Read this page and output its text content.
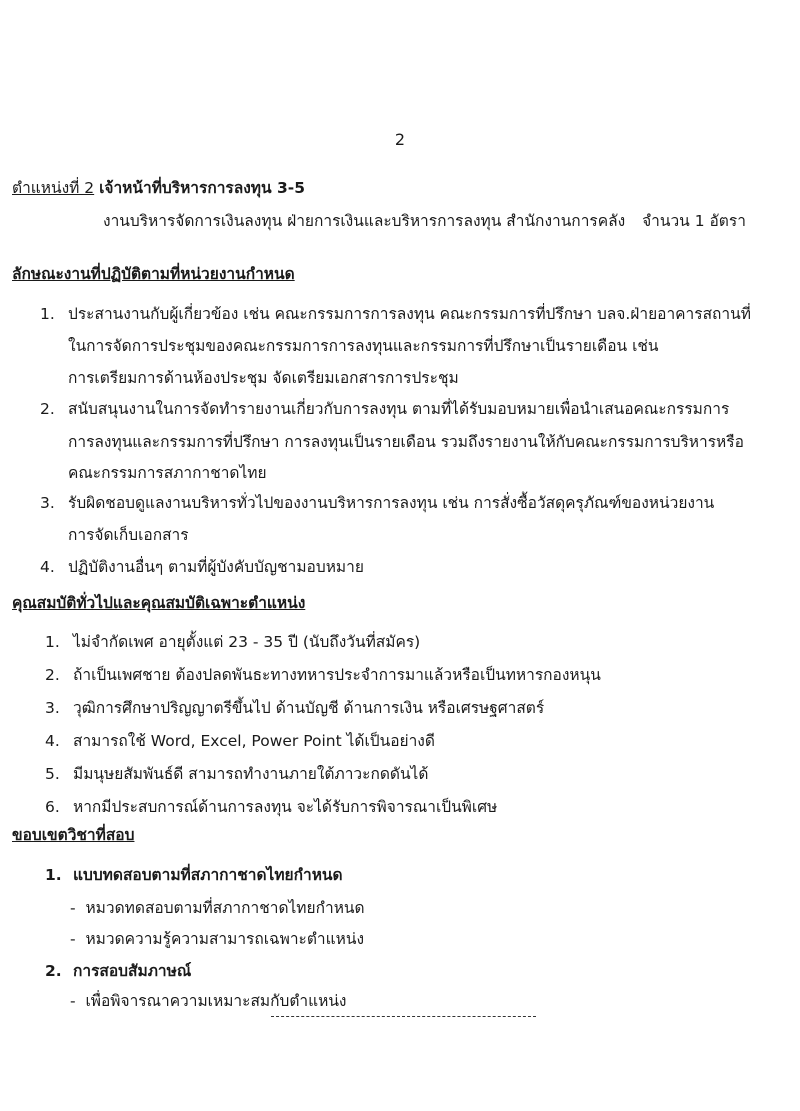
2
ตำแหน่งที่ 2 เจ้าหน้าที่บริหารการลงทุน 3-5
งานบริหารจัดการเงินลงทุน ฝ่ายการเงินและบริหารการลงทุน สำนักงานการคลัง จำนวน 1 อัตรา
ลักษณะงานที่ปฏิบัติตามที่หน่วยงานกำหนด
1. ประสานงานกับผู้เกี่ยวข้อง เช่น คณะกรรมการการลงทุน คณะกรรมการที่ปรึกษา บลจ.ฝ่ายอาคารสถานที่
ในการจัดการประชุมของคณะกรรมการการลงทุนและกรรมการที่ปรึกษาเป็นรายเดือน เช่น
การเตรียมการด้านห้องประชุม จัดเตรียมเอกสารการประชุม
2. สนับสนุนงานในการจัดทำรายงานเกี่ยวกับการลงทุน ตามที่ได้รับมอบหมายเพื่อนำเสนอคณะกรรมการ
การลงทุนและกรรมการที่ปรึกษา การลงทุนเป็นรายเดือน รวมถึงรายงานให้กับคณะกรรมการบริหารหรือ
คณะกรรมการสภากาชาดไทย
3. รับผิดชอบดูแลงานบริหารทั่วไปของงานบริหารการลงทุน เช่น การสั่งซื้อวัสดุครุภัณฑ์ของหน่วยงาน
การจัดเก็บเอกสาร
4. ปฏิบัติงานอื่นๆ ตามที่ผู้บังคับบัญชามอบหมาย
คุณสมบัติทั่วไปและคุณสมบัติเฉพาะตำแหน่ง
1. ไม่จำกัดเพศ อายุตั้งแต่ 23 - 35 ปี (นับถึงวันที่สมัคร)
2. ถ้าเป็นเพศชาย ต้องปลดพันธะทางทหารประจำการมาแล้วหรือเป็นทหารกองหนุน
3. วุฒิการศึกษาปริญญาตรีขึ้นไป ด้านบัญชี ด้านการเงิน หรือเศรษฐศาสตร์
4. สามารถใช้ Word, Excel, Power Point ได้เป็นอย่างดี
5. มีมนุษยสัมพันธ์ดี สามารถทำงานภายใต้ภาวะกดดันได้
6. หากมีประสบการณ์ด้านการลงทุน จะได้รับการพิจารณาเป็นพิเศษ
ขอบเขตวิชาที่สอบ
1. แบบทดสอบตามที่สภากาชาดไทยกำหนด
- หมวดทดสอบตามที่สภากาชาดไทยกำหนด
- หมวดความรู้ความสามารถเฉพาะตำแหน่ง
2. การสอบสัมภาษณ์
- เพื่อพิจารณาความเหมาะสมกับตำแหน่ง
